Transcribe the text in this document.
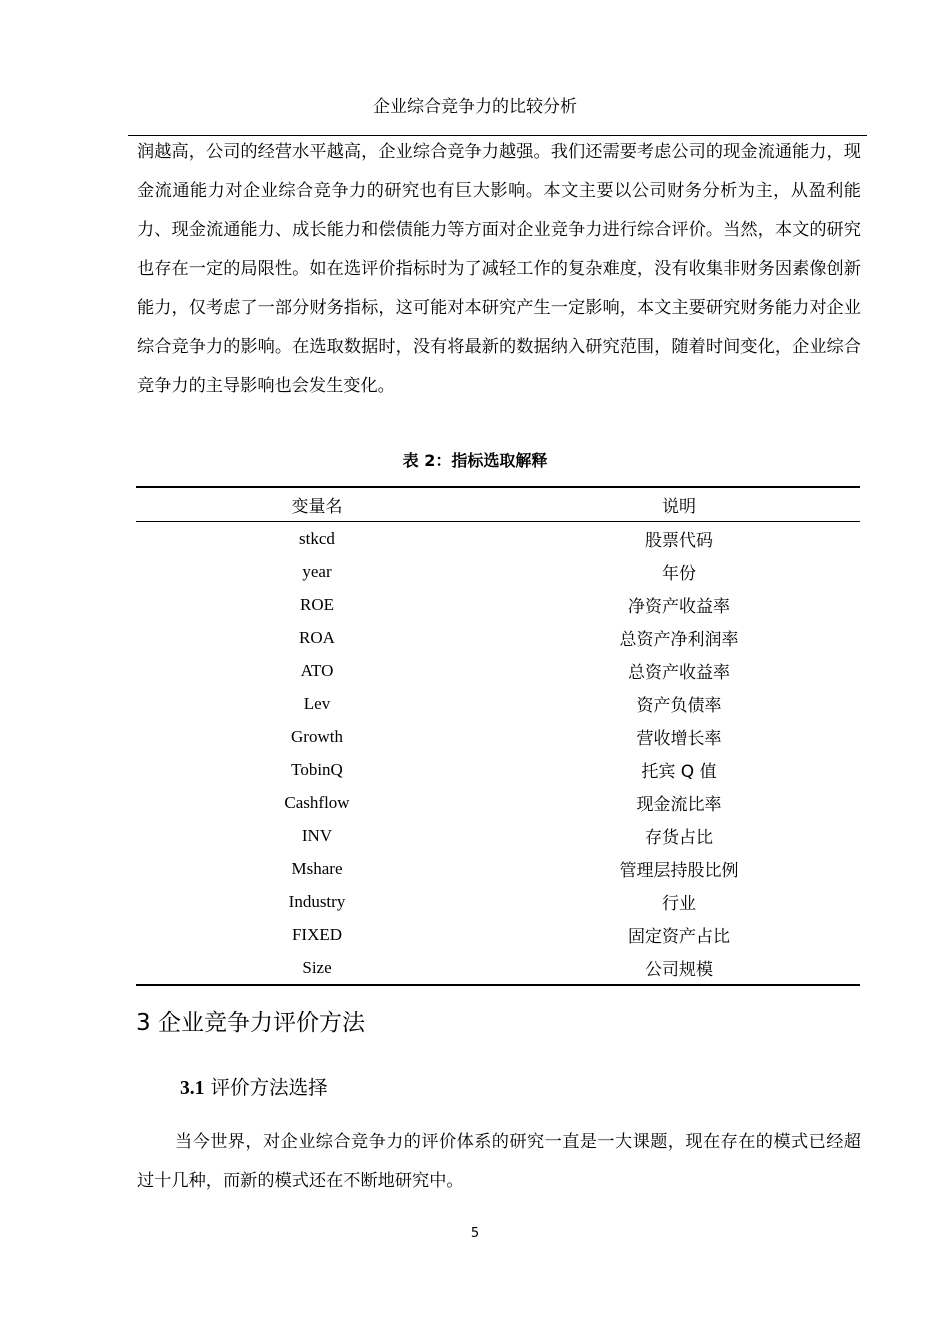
企业综合竞争力的比较分析

润越高，公司的经营水平越高，企业综合竞争力越强。我们还需要考虑公司的现金流通能力，现金流通能力对企业综合竞争力的研究也有巨大影响。本文主要以公司财务分析为主，从盈利能力、现金流通能力、成长能力和偿债能力等方面对企业竞争力进行综合评价。当然，本文的研究也存在一定的局限性。如在选评价指标时为了减轻工作的复杂难度，没有收集非财务因素像创新能力，仅考虑了一部分财务指标，这可能对本研究产生一定影响，本文主要研究财务能力对企业综合竞争力的影响。在选取数据时，没有将最新的数据纳入研究范围，随着时间变化，企业综合竞争力的主导影响也会发生变化。

表 2：指标选取解释
变量名	说明
stkcd	股票代码
year	年份
ROE	净资产收益率
ROA	总资产净利润率
ATO	总资产收益率
Lev	资产负债率
Growth	营收增长率
TobinQ	托宾 Q 值
Cashflow	现金流比率
INV	存货占比
Mshare	管理层持股比例
Industry	行业
FIXED	固定资产占比
Size	公司规模
3 企业竞争力评价方法
3.1 评价方法选择

当今世界，对企业综合竞争力的评价体系的研究一直是一大课题，现在存在的模式已经超过十几种，而新的模式还在不断地研究中。

5
